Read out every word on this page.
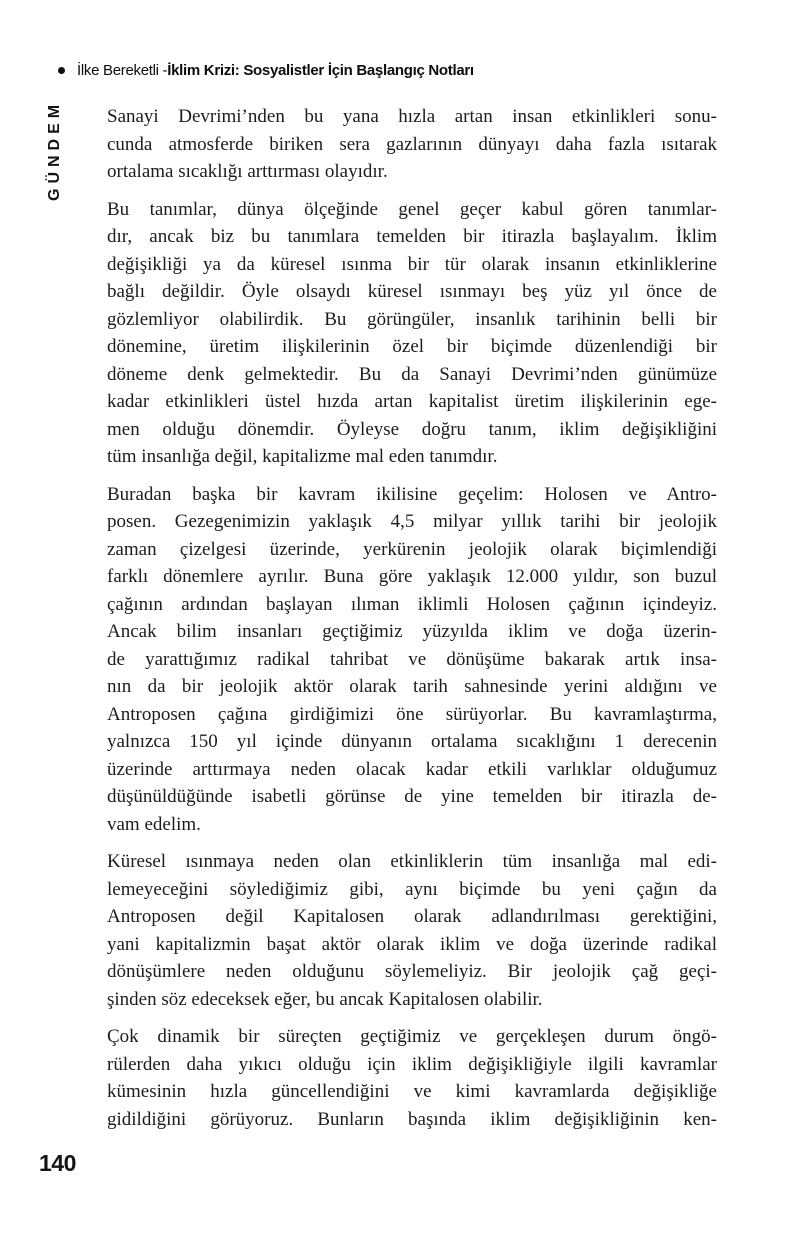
İlke Bereketli - İklim Krizi: Sosyalistler İçin Başlangıç Notları
GÜNDEM Sanayi Devrimi’nden bu yana hızla artan insan etkinlikleri sonu-
cunda atmosferde biriken sera gazlarının dünyayı daha fazla ısıtarak
ortalama sıcaklığı arttırması olayıdır.
Bu tanımlar, dünya ölçeğinde genel geçer kabul gören tanımlar-
dır, ancak biz bu tanımlara temelden bir itirazla başlayalım. İklim
değişikliği ya da küresel ısınma bir tür olarak insanın etkinliklerine
bağlı değildir. Öyle olsaydı küresel ısınmayı beş yüz yıl önce de
gözlemliyor olabilirdik. Bu görüngüler, insanlık tarihinin belli bir
dönemine, üretim ilişkilerinin özel bir biçimde düzenlendiği bir
döneme denk gelmektedir. Bu da Sanayi Devrimi’nden günümüze
kadar etkinlikleri üstel hızda artan kapitalist üretim ilişkilerinin ege-
men olduğu dönemdir. Öyleyse doğru tanım, iklim değişikliğini
tüm insanlığa değil, kapitalizme mal eden tanımdır.
Buradan başka bir kavram ikilisine geçelim: Holosen ve Antro-
posen. Gezegenimizin yaklaşık 4,5 milyar yıllık tarihi bir jeolojik
zaman çizelgesi üzerinde, yerkürenin jeolojik olarak biçimlendiği
farklı dönemlere ayrılır. Buna göre yaklaşık 12.000 yıldır, son buzul
çağının ardından başlayan ılıman iklimli Holosen çağının içindeyiz.
Ancak bilim insanları geçtiğimiz yüzyılda iklim ve doğa üzerin-
de yarattığımız radikal tahribat ve dönüşüme bakarak artık insa-
nın da bir jeolojik aktör olarak tarih sahnesinde yerini aldığını ve
Antroposen çağına girdiğimizi öne sürüyorlar. Bu kavramlaştırma,
yalnızca 150 yıl içinde dünyanın ortalama sıcaklığını 1 derecenin
üzerinde arttırmaya neden olacak kadar etkili varlıklar olduğumuz
düşünüldüğünde isabetli görünse de yine temelden bir itirazla de-
vam edelim.
Küresel ısınmaya neden olan etkinliklerin tüm insanlığa mal edi-
lemeyeceğini söylediğimiz gibi, aynı biçimde bu yeni çağın da
Antroposen değil Kapitalosen olarak adlandırılması gerektiğini,
yani kapitalizmin başat aktör olarak iklim ve doğa üzerinde radikal
dönüşümlere neden olduğunu söylemeliyiz. Bir jeolojik çağ geçi-
şinden söz edeceksek eğer, bu ancak Kapitalosen olabilir.
Çok dinamik bir süreçten geçtiğimiz ve gerçekleşen durum öngö-
rülerden daha yıkıcı olduğu için iklim değişikliğiyle ilgili kavramlar
kümesinin hızla güncellendiğini ve kimi kavramlarda değişikliğe
gidildiğini görüyoruz. Bunların başında iklim değişikliğinin ken-
140
